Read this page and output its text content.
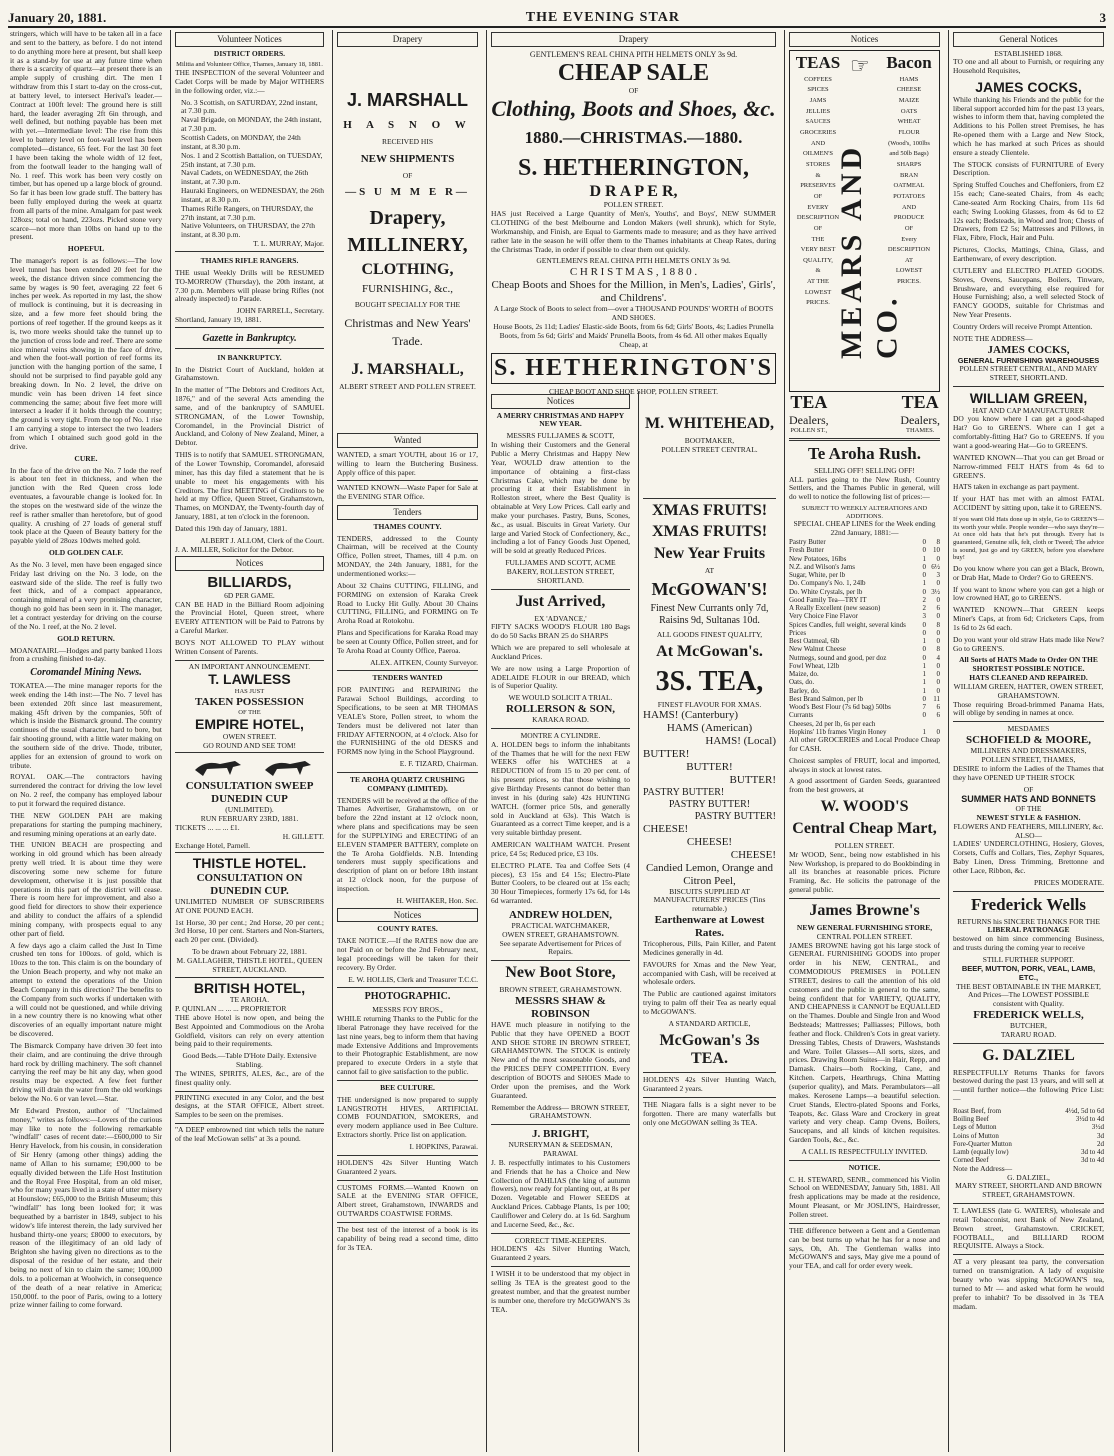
January 20, 1881.	THE EVENING STAR	3

stringers, which will have to be taken all in a face and sent to the battery, as before. I do not intend to do anything more here at present, but shall keep it as a stand-by for use at any future time when there is a scarcity of quartz—at present there is an ample supply of crushing dirt. The men I withdraw from this I start to-day on the cross-cut, at battery level, to intersect Herival's leader.—Contract at 100ft level: The ground here is still hard, the leader averaging 2ft 6in through, and well defined, but nothing payable has been met with yet.—Intermediate level: The rise from this level to battery level on foot-wall level has been completed—distance, 65 feet. For the last 30 feet I have been taking the whole width of 12 feet, from the footwall leader to the hanging wall of No. 1 reef. This work has been very costly on timber, but has opened up a large block of ground. So far it has been low grade stuff. The battery has been fully employed during the week at quartz from all parts of the mine. Amalgam for past week 128ozs; total on hand, 223ozs. Picked stone very scarce—not more than 10lbs on hand up to the present.

HOPEFUL

The manager's report is as follows:—The low level tunnel has been extended 20 feet for the week, the distance driven since commencing the same by wages is 90 feet, averaging 22 feet 6 inches per week. As reported in my last, the show of mullock is continuing, but it is decreasing in size, and a few more feet should bring the portions of reef together. If the ground keeps as it is, two more weeks should take the tunnel up to the junction of cross lode and reef. There are some nice mineral veins showing in the face of drive, and when the foot-wall portion of reef forms its junction with the hanging portion of the same, I should not be surprised to find payable gold any breaking down. In No. 2 level, the drive on mundic vein has been driven 14 feet since commencing the same; about five feet more will intersect a leader if it holds through the country; the ground is very tight. From the top of No. 1 rise I am carrying a stope to intersect the two leaders from which I obtained such good gold in the drive.

CURE.

In the face of the drive on the No. 7 lode the reef is about ten feet in thickness, and when the junction with the Red Queen cross lode eventuates, a favourable change is looked for. In the stopes on the westward side of the winze the reef is rather smaller than heretofore, but of good quality. A crushing of 27 loads of general stuff took place at the Queen of Beauty battery for the payable yield of 28ozs 10dwts melted gold.

OLD GOLDEN CALF.

As the No. 3 level, men have been engaged since Friday last driving on the No. 3 lode, on the eastward side of the slide. The reef is fully two feet thick, and of a compact appearance, containing mineral of a very promising character, though no gold has been seen in it. The manager, let a contract yesterday for driving on the course of the No. 1 reef, at the No. 2 level.

GOLD RETURN.

MOANATAIRI.—Hodges and party banked 11ozs from a crushing finished to-day.

Coromandel Mining News.

TOKATEA.—The mine manager reports for the week ending the 14th inst:—The No. 7 level has been extended 20ft since last measurement, making 45ft driven by the companies, 50ft of which is inside the Bismarck ground. The country continues of the usual character, hard to bore, but fair shooting ground, with a little water making on the southern side of the drive. Thode, tributer, applies for an extension of ground to work on tribute.

ROYAL OAK.—The contractors having surrendered the contract for driving the low level on No. 2 reef, the company has employed labour to put it forward the required distance.

THE NEW GOLDEN PAH are making preparations for starting the pumping machinery, and resuming mining operations at an early date.

THE UNION BEACH are prospecting and working in old ground which has been already pretty well tried. It is about time they were discovering some new scheme for future development, otherwise it is just possible that operations in this part of the district will cease. There is room here for improvement, and also a good field for directors to show their experience and ability to conduct the affairs of a splendid mining company, with prospects equal to any other part of field.

A few days ago a claim called the Just In Time crushed ten tons for 100ozs. of gold, which is 10ozs to the ton. This claim is on the boundary of the Union Beach property, and why not make an attempt to extend the operations of the Union Beach Company in this direction? The benefits to the Company from such works if undertaken with a will could not be questioned, and while driving in a new country there is no knowing what other discoveries of an equally important nature might be discovered.

The Bismarck Company have driven 30 feet into their claim, and are continuing the drive through hard rock by drilling machinery. The soft channel carrying the reef may be hit any day, when good results may be expected. A few feet further driving will drain the water from the old workings below the No. 6 or van level.—Star.

Mr Edward Preston, author of "Unclaimed money," writes as follows:—Lovers of the curious may like to note the following remarkable "windfall" cases of recent date:—£600,000 to Sir Henry Havelock, from his cousin, in consideration of Sir Henry (among other things) adding the name of Allan to his surname; £90,000 to be equally divided between the Life Host Institution and the Royal Free Hospital, from an old miser, who for many years lived in a state of utter misery at Hounslow; £65,000 to the British Museum; this "windfall" has long been looked for; it was bequeathed by a barrister in 1849, subject to his widow's life interest therein, the lady survived her husband thirty-one years; £8000 to executors, by reason of the illegitimacy of an old lady of Brighton she having given no directions as to the disposal of the residue of her estate, and their being no next of kin to claim the same; 100,000 dols. to a policeman at Woolwich, in consequence of the death of a near relative in America; 150,000f. to the poor of Paris, owing to a lottery prize winner failing to come forward.

Volunteer Notices
DISTRICT ORDERS.
Militia and Volunteer Office, Thames, January 18, 1881.

THE INSPECTION of the several Volunteer and Cadet Corps will be made by Major WITHERS in the following order, viz.:—

No. 3 Scottish, on SATURDAY, 22nd instant, at 7.30 p.m.
Naval Brigade, on MONDAY, the 24th instant, at 7.30 p.m.
Scottish Cadets, on MONDAY, the 24th instant, at 8.30 p.m.
Nos. 1 and 2 Scottish Battalion, on TUESDAY, 25th instant, at 7.30 p.m.
Naval Cadets, on WEDNESDAY, the 26th instant, at 7.30 p.m.
Hauraki Engineers, on WEDNESDAY, the 26th instant, at 8.30 p.m.
Thames Rifle Rangers, on THURSDAY, the 27th instant, at 7.30 p.m.
Native Volunteers, on THURSDAY, the 27th instant, at 8.30 p.m.
T. L. MURRAY, Major.
THAMES RIFLE RANGERS.

THE usual Weekly Drills will be RESUMED TO-MORROW (Thursday), the 20th instant, at 7.30 p.m. Members will please bring Rifles (not already inspected) to Parade.

JOHN FARRELL, Secretary.
Shortland, January 19, 1881.
Gazette in Bankruptcy.
IN BANKRUPTCY.

In the District Court of Auckland, holden at Grahamstown.

In the matter of "The Debtors and Creditors Act, 1876," and of the several Acts amending the same, and of the bankruptcy of SAMUEL STRONGMAN, of the Lower Township, Coromandel, in the Provincial District of Auckland, and Colony of New Zealand, Miner, a Debtor.

THIS is to notify that SAMUEL STRONGMAN, of the Lower Township, Coromandel, aforesaid miner, has this day filed a statement that he is unable to meet his engagements with his Creditors. The first MEETING of Creditors to be held at my Office, Queen Street, Grahamstown, Thames, on MONDAY, the Twenty-fourth day of January, 1881, at ten o'clock in the forenoon.

Dated this 19th day of January, 1881.

ALBERT J. ALLOM, Clerk of the Court.
J. A. MILLER, Solicitor for the Debtor.
Notices
BILLIARDS,
6D PER GAME.

CAN BE HAD in the Billiard Room adjoining the Provincial Hotel, Queen street, where EVERY ATTENTION will be Paid to Patrons by a Careful Marker.

BOYS NOT ALLOWED TO PLAY without Written Consent of Parents.

AN IMPORTANT ANNOUNCEMENT.
T. LAWLESS
HAS JUST
TAKEN POSSESSION
OF THE
EMPIRE HOTEL,
OWEN STREET.
GO ROUND AND SEE TOM!
CONSULTATION SWEEP
DUNEDIN CUP
(UNLIMITED).
RUN FEBRUARY 23RD, 1881.
TICKETS ... ... ... £1.
H. GILLETT.
Exchange Hotel, Parnell.
THISTLE HOTEL.
CONSULTATION ON DUNEDIN CUP.

UNLIMITED NUMBER OF SUBSCRIBERS AT ONE POUND EACH.

1st Horse, 30 per cent.; 2nd Horse, 20 per cent.; 3rd Horse, 10 per cent. Starters and Non-Starters, each 20 per cent. (Divided).

To be drawn about February 22, 1881.
M. GALLAGHER, THISTLE HOTEL, QUEEN STREET, AUCKLAND.
BRITISH HOTEL,
TE AROHA.
P. QUINLAN ... ... ... PROPRIETOR

THE above Hotel is now open, and being the Best Appointed and Commodious on the Aroha Goldfield, visitors can rely on every attention being paid to their requirements.

Good Beds.—Table D'Hote Daily. Extensive Stabling.

The WINES, SPIRITS, ALES, &c., are of the finest quality only.

PRINTING executed in any Color, and the best designs, at the STAR OFFICE, Albert street. Samples to be seen on the premises.

"A DEEP embrowned tint which tells the nature of the leaf McGowan sells" at 3s a pound.

Drapery
J. MARSHALL
H A S N O W
RECEIVED HIS
NEW SHIPMENTS
OF
—S U M M E R—
Drapery,
MILLINERY,
CLOTHING,
FURNISHING, &c.,
BOUGHT SPECIALLY FOR THE
Christmas and New Years'
Trade.
J. MARSHALL,
ALBERT STREET AND POLLEN STREET.
Wanted

WANTED, a smart YOUTH, about 16 or 17, willing to learn the Butchering Business. Apply office of this paper.

WANTED KNOWN—Waste Paper for Sale at the EVENING STAR Office.

Tenders
THAMES COUNTY.

TENDERS, addressed to the County Chairman, will be received at the County Office, Pollen street, Thames, till 4 p.m. on MONDAY, the 24th January, 1881, for the undermentioned works:—

About 32 Chains CUTTING, FILLING, and FORMING on extension of Karaka Creek Road to Lucky Hit Gully. About 30 Chains CUTTING, FILLING, and FORMING on Te Aroha Road at Rotokohu.

Plans and Specifications for Karaka Road may be seen at County Office, Pollen street, and for Te Aroha Road at County Office, Paeroa.

ALEX. AITKEN, County Surveyor.
TENDERS WANTED

FOR PAINTING and REPAIRING the Parawai School Buildings, according to Specifications, to be seen at MR THOMAS VEALE's Store, Pollen street, to whom the Tenders must be delivered not later than FRIDAY AFTERNOON, at 4 o'clock. Also for the FURNISHING of the old DESKS and FORMS now lying in the School Playground.

E. F. TIZARD, Chairman.
TE AROHA QUARTZ CRUSHING COMPANY (LIMITED).

TENDERS will be received at the office of the Thames Advertiser, Grahamstown, on or before the 22nd instant at 12 o'clock noon, where plans and specifications may be seen for the SUPPLYING and ERECTING of an ELEVEN STAMPER BATTERY, complete on the Te Aroha Goldfields. N.B. Intending tenderers must supply specifications and description of plant on or before 18th instant at 12 o'clock noon, for the purpose of inspection.

H. WHITAKER, Hon. Sec.
Notices
COUNTY RATES.

TAKE NOTICE.—If the RATES now due are not Paid on or before the 2nd February next, legal proceedings will be taken for their recovery. By Order.

E. W. HOLLIS, Clerk and Treasurer T.C.C.
PHOTOGRAPHIC.
MESSRS FOY BROS.,

WHILE returning Thanks to the Public for the liberal Patronage they have received for the last nine years, beg to inform them that having made Extensive Additions and Improvements to their Photographic Establishment, are now prepared to execute Orders in a style that cannot fail to give satisfaction to the public.

BEE CULTURE.

THE undersigned is now prepared to supply LANGSTROTH HIVES, ARTIFICIAL COMB FOUNDATION, SMOKERS, and every modern appliance used in Bee Culture. Extractors shortly. Price list on application.

I. HOPKINS, Parawai.

HOLDEN'S 42s Silver Hunting Watch Guaranteed 2 years.

CUSTOMS FORMS.—Wanted Known on SALE at the EVENING STAR OFFICE, Albert street, Grahamstown, INWARDS and OUTWARDS COASTWISE FORMS.

The best test of the interest of a book is its capability of being read a second time, ditto for 3s TEA.

Drapery
GENTLEMEN'S REAL CHINA PITH HELMETS ONLY 3s 9d.
CHEAP SALE
OF
Clothing, Boots and Shoes, &c.
1880.—CHRISTMAS.—1880.
S. HETHERINGTON,
D R A P E R,
POLLEN STREET.

HAS just Received a Large Quantity of Men's, Youths', and Boys', NEW SUMMER CLOTHING of the best Melbourne and London Makers (well shrunk), which for Style, Workmanship, and Finish, are Equal to Garments made to measure; and as they have arrived rather late in the season he will offer them to the Thames inhabitants at Cheap Rates, during the Christmas Trade, in order if possible to clear them out quickly.

GENTLEMEN'S REAL CHINA PITH HELMETS ONLY 3s 9d.
C H R I S T M A S , 1 8 8 0 .
Cheap Boots and Shoes for the Million, in Men's, Ladies', Girls', and Childrens'.
A Large Stock of Boots to select from—over a THOUSAND POUNDS' WORTH of BOOTS AND SHOES.
House Boots, 2s 11d; Ladies' Elastic-side Boots, from 6s 6d; Girls' Boots, 4s; Ladies Prunella Boots, from 5s 6d; Girls' and Maids' Prunella Boots, from 4s 6d. All other makes Equally Cheap, at
S. HETHERINGTON'S
CHEAP BOOT AND SHOE SHOP, POLLEN STREET.
Notices
A MERRY CHRISTMAS AND HAPPY NEW YEAR.
MESSRS FULLJAMES & SCOTT,

In wishing their Customers and the General Public a Merry Christmas and Happy New Year, WOULD draw attention to the importance of obtaining a first-class Christmas Cake, which may be done by procuring it at their Establishment in Rolleston street, where the Best Quality is obtainable at Very Low Prices. Call early and make your purchases. Pastry, Buns, Scones, &c., as usual. Biscuits in Great Variety. Our large and Varied Stock of Confectionery, &c., including a lot of Fancy Goods Just Opened, will be sold at greatly Reduced Prices.

FULLJAMES AND SCOTT, ACME BAKERY, ROLLESTON STREET, SHORTLAND.
Just Arrived,
EX 'ADVANCE,'

FIFTY SACKS WOOD'S FLOUR 180 Bags do do 50 Sacks BRAN 25 do SHARPS

Which we are prepared to sell wholesale at Auckland Prices.

We are now using a Large Proportion of ADELAIDE FLOUR in our BREAD, which is of Superior Quality.

WE WOULD SOLICIT A TRIAL.
ROLLERSON & SON,
KARAKA ROAD.
MONTRE A CYLINDRE.

A. HOLDEN begs to inform the inhabitants of the Thames that he will for the next FEW WEEKS offer his WATCHES at a REDUCTION of from 15 to 20 per cent. of his present prices, so that those wishing to give Birthday Presents cannot do better than invest in his (during sale) 42s HUNTING WATCH. (former price 50s, and generally sold in Auckland at 63s). This Watch is Guaranteed as a correct Time keeper, and is a very suitable birthday present.

AMERICAN WALTHAM WATCH. Present price, £4 5s; Reduced price, £3 10s.

ELECTRO PLATE. Tea and Coffee Sets (4 pieces), £3 15s and £4 15s; Electro-Plate Butter Coolers, to be cleared out at 15s each; 30 Hour Timepieces, formerly 17s 6d, for 14s 6d warranted.

ANDREW HOLDEN,
PRACTICAL WATCHMAKER,
OWEN STREET, GRAHAMSTOWN.
See separate Advertisement for Prices of Repairs.
New Boot Store,
BROWN STREET, GRAHAMSTOWN.
MESSRS SHAW & ROBINSON

HAVE much pleasure in notifying to the Public that they have OPENED a BOOT AND SHOE STORE IN BROWN STREET, GRAHAMSTOWN. The STOCK is entirely New and of the most seasonable Goods, and the PRICES DEFY COMPETITION. Every description of BOOTS and SHOES Made to Order upon the premises, and the Work Guaranteed.

Remember the Address— BROWN STREET, GRAHAMSTOWN.
J. BRIGHT,
NURSERYMAN & SEEDSMAN,
PARAWAI.

J. B. respectfully intimates to his Customers and Friends that he has a Choice and New Collection of DAHLIAS (the king of autumn flowers), now ready for planting out, at 8s per Dozen. Vegetable and Flower SEEDS at Auckland Prices. Cabbage Plants, 1s per 100; Cauliflower and Celery do. at 1s 6d. Sarghum and Lucerne Seed, &c., &c.

CORRECT TIME-KEEPERS.

HOLDEN'S 42s Silver Hunting Watch, Guaranteed 2 years.

I WISH it to be understood that my object in selling 3s TEA is the greatest good to the greatest number, and that the greatest number is number one, therefore try McGOWAN'S 3s TEA.

M. WHITEHEAD,
BOOTMAKER,
POLLEN STREET CENTRAL.
XMAS FRUITS!
XMAS FRUITS!
New Year Fruits
AT
McGOWAN'S!
Finest New Currants only 7d, Raisins 9d, Sultanas 10d.
ALL GOODS FINEST QUALITY,
At McGowan's.
3S. TEA,
FINEST FLAVOUR FOR XMAS.
HAMS! (Canterbury)
HAMS (American)
HAMS! (Local)
BUTTER!
BUTTER!
BUTTER!
PASTRY BUTTER!
PASTRY BUTTER!
PASTRY BUTTER!
CHEESE!
CHEESE!
CHEESE!
Candied Lemon, Orange and Citron Peel,
BISCUITS SUPPLIED AT MANUFACTURERS' PRICES (Tins returnable.)
Earthenware at Lowest Rates.

Tricopherous, Pills, Pain Killer, and Patent Medicines generally in 4d.

FAVOURS for Xmas and the New Year, accompanied with Cash, will be received at wholesale orders.

The Public are cautioned against imitators trying to palm off their Tea as nearly equal to McGOWAN'S.

A STANDARD ARTICLE,
McGowan's 3s TEA.

HOLDEN'S 42s Silver Hunting Watch, Guaranteed 2 years.

THE Niagara falls is a sight never to be forgotten. There are many waterfalls but only one McGOWAN selling 3s TEA.

Notices
TEAS
COFFEES
SPICES
JAMS
JELLIES
SAUCES
GROCERIES
AND
OILMEN'S
STORES
&
PRESERVES
OF
EVERY
DESCRIPTION
OF
THE
VERY BEST
QUALITY,
&
AT THE
LOWEST
PRICES. MEARS AND CO.
☞ Bacon
HAMS
CHEESE
MAIZE
OATS
WHEAT
FLOUR
(Wood's, 100lbs
and 50lb Bags)
SHARPS
BRAN
OATMEAL
POTATOES
AND
PRODUCE
OF
Every
DESCRIPTION
AT
LOWEST
PRICES.
TEA
Dealers,
POLLEN ST.,
TEA
Dealers,
THAMES.
Te Aroha Rush.
SELLING OFF! SELLING OFF!

ALL parties going to the New Rush, Country Settlers, and the Thames Public in general, will do well to notice the following list of prices:—

SUBJECT TO WEEKLY ALTERATIONS AND ADDITIONS.
SPECIAL CHEAP LINES for the Week ending 22nd January, 1881:—
Pastry Butter	0	8
Fresh Butter	0	10
New Potatoes, 16lbs	1	0
N.Z. and Wilson's Jams	0	6½
Sugar, White, per lb	0	3
Do. Company's No. 1, 24lb	1	0
Do. White Crystals, per lb	0	3½
Good Family Tea—TRY IT	2	0
A Really Excellent (new season)	2	6
Very Choice Fine Flavor	3	0
Spices Candles, full weight, several kinds	0	8
Prices	0	0
Best Oatmeal, 6lb	1	0
New Walnut Cheese	0	8
Nutmegs, sound and good, per doz	0	4
Fowl Wheat, 12lb	1	0
Maize, do.	1	0
Oats, do.	1	0
Barley, do.	1	0
Best Brand Salmon, per lb	0	11
Wood's Best Flour (7s 6d bag) 50lbs	7	6
Currants	0	6
Cheeses, 2d per lb, 6s per each		
Hopkins' 11b frames Virgin Honey	1	0

All other GROCERIES and Local Produce Cheap for CASH.

Choicest samples of FRUIT, local and imported, always in stock at lowest rates.

A good assortment of Garden Seeds, guaranteed from the best growers, at

W. WOOD'S
Central Cheap Mart,
POLLEN STREET.

Mr WOOD, Senr., being now established in his New Workshop, is prepared to do Bookbinding in all its branches at reasonable prices. Picture Framing, &c. He solicits the patronage of the general public.

James Browne's
NEW GENERAL FURNISHING STORE,
CENTRAL POLLEN STREET.

JAMES BROWNE having got his large stock of GENERAL FURNISHING GOODS into proper order in his NEW, CENTRAL, and COMMODIOUS PREMISES in POLLEN STREET, desires to call the attention of his old customers and the public in general to the same, being confident that for VARIETY, QUALITY, AND CHEAPNESS it CANNOT be EQUALLED on the Thames. Double and Single Iron and Wood Bedsteads; Mattresses; Palliasses; Pillows, both feather and flock. Children's Cots in great variety. Dressing Tables, Chests of Drawers, Washstands and Ware. Toilet Glasses—All sorts, sizes, and prices. Drawing Room Suites—in Hair, Repp, and Damask. Chairs—both Rocking, Cane, and Kitchen. Carpets, Hearthrugs, China Matting (superior quality), and Mats. Perambulators—all makes. Kerosene Lamps—a beautiful selection. Cruet Stands, Electro-plated Spoons and Forks, Teapots, &c. Glass Ware and Crockery in great variety and very cheap. Camp Ovens, Boilers, Saucepans, and all kinds of kitchen requisites. Garden Tools, &c., &c.

A CALL IS RESPECTFULLY INVITED.
NOTICE.

C. H. STEWARD, SENR., commenced his Violin School on WEDNESDAY, January 5th, 1881. All fresh applications may be made at the residence, Mount Pleasant, or Mr JOSLIN'S, Hairdresser, Pollen street.

THE difference between a Gent and a Gentleman can be best turns up what he has for a nose and says, Oh, Ah. The Gentleman walks into McGOWAN'S and says, May give me a pound of your TEA, and call for order every week.

General Notices
ESTABLISHED 1868.

TO one and all about to Furnish, or requiring any Household Requisites,

JAMES COCKS,

While thanking his Friends and the public for the liberal support accorded him for the past 13 years, wishes to inform them that, having completed the Additions to his Pollen street Premises, he has Re-opened them with a Large and New Stock, which he has marked at such Prices as should ensure a steady Clientele.

The STOCK consists of FURNITURE of Every Description.

Spring Stuffed Couches and Cheffoniers, from £2 15s each; Cane-seated Chairs, from 4s each; Cane-seated Arm Rocking Chairs, from 11s 6d each; Swing Looking Glasses, from 4s 6d to £2 12s each; Bedsteads, in Wood and Iron; Chests of Drawers, from £2 5s; Mattresses and Pillows, in Flax, Fibre, Flock, Hair and Pulu.

Pictures, Clocks, Mattings, China, Glass, and Earthenware, of every description.

CUTLERY and ELECTRO PLATED GOODS. Stoves, Ovens, Saucepans, Boilers, Tinware, Brushware, and everything else required for House Furnishing; also, a well selected Stock of FANCY GOODS, suitable for Christmas and New Year Presents.

Country Orders will receive Prompt Attention.

NOTE THE ADDRESS—
JAMES COCKS,
GENERAL FURNISHING WAREHOUSES
POLLEN STREET CENTRAL, AND MARY STREET, SHORTLAND.
WILLIAM GREEN,
HAT AND CAP MANUFACTURER

DO you know where I can get a good-shaped Hat? Go to GREEN'S. Where can I get a comfortably-fitting Hat? Go to GREEN'S. If you want a good-wearing Hat—Go to GREEN'S.

WANTED KNOWN—That you can get Broad or Narrow-rimmed FELT HATS from 4s 6d to GREEN'S.

HATS taken in exchange as part payment.

If your HAT has met with an almost FATAL ACCIDENT by sitting upon, take it to GREEN'S.

If you want Old Hats done up in style, Go to GREEN'S—its worth your while. People wonder—who says they're— At once old hats that he's put through. Every hat is guaranteed, Genuine silk, felt, cloth or Tweed; The advice is sound, just go and try GREEN, before you elsewhere buy!

Do you know where you can get a Black, Brown, or Drab Hat, Made to Order? Go to GREEN'S.

If you want to know where you can get a high or low crowned HAT, go to GREEN'S.

WANTED KNOWN—That GREEN keeps Miner's Caps, at from 6d; Cricketers Caps, from 1s 6d to 2s 6d each.

Do you want your old straw Hats made like New? Go to GREEN'S.

All Sorts of HATS Made to Order ON THE SHORTEST POSSIBLE NOTICE.
HATS CLEANED AND REPAIRED.
WILLIAM GREEN, HATTER, OWEN STREET, GRAHAMSTOWN.

Those requiring Broad-brimmed Panama Hats, will oblige by sending in names at once.

MESDAMES
SCHOFIELD & MOORE,
MILLINERS AND DRESSMAKERS,
POLLEN STREET, THAMES,

DESIRE to inform the Ladies of the Thames that they have OPENED UP THEIR STOCK

OF
SUMMER HATS AND BONNETS
OF THE
NEWEST STYLE & FASHION.
FLOWERS AND FEATHERS, MILLINERY, &c.
ALSO—

LADIES' UNDERCLOTHING, Hosiery, Gloves, Corsets, Cuffs and Collars, Ties, Zephyr Squares, Baby Linen, Dress Trimming, Brettonne and other Lace, Ribbon, &c.

PRICES MODERATE.
Frederick Wells
RETURNS his SINCERE THANKS FOR THE
LIBERAL PATRONAGE

bestowed on him since commencing Business, and trusts during the coming year to receive

STILL FURTHER SUPPORT.
BEEF, MUTTON, PORK, VEAL, LAMB, ETC.,
THE BEST OBTAINABLE IN THE MARKET,
And Prices—The LOWEST POSSIBLE consistent with Quality.
FREDERICK WELLS,
BUTCHER,
TARARU ROAD.
G. DALZIEL

RESPECTFULLY Returns Thanks for favors bestowed during the past 13 years, and will sell at—until further notice—the following Price List:—

Roast Beef, from	4½d, 5d to 6d
Boiling Beef	3½d to 4d
Legs of Mutton	3½d
Loins of Mutton	3d
Fore-Quarter Mutton	2d
Lamb (equally low)	3d to 4d
Corned Beef	3d to 4d
Note the Address—
G. DALZIEL,
MARY STREET, SHORTLAND AND BROWN STREET, GRAHAMSTOWN.

T. LAWLESS (late G. WATERS), wholesale and retail Tobacconist, next Bank of New Zealand, Brown street, Grahamstown. CRICKET, FOOTBALL, and BILLIARD ROOM REQUISITE. Always a Stock.

AT a very pleasant tea party, the conversation turned on transmigration. A lady of exquisite beauty who was sipping McGOWAN'S tea, turned to Mr — and asked what form he would prefer to inhabit? To be dissolved in 3s TEA madam.
